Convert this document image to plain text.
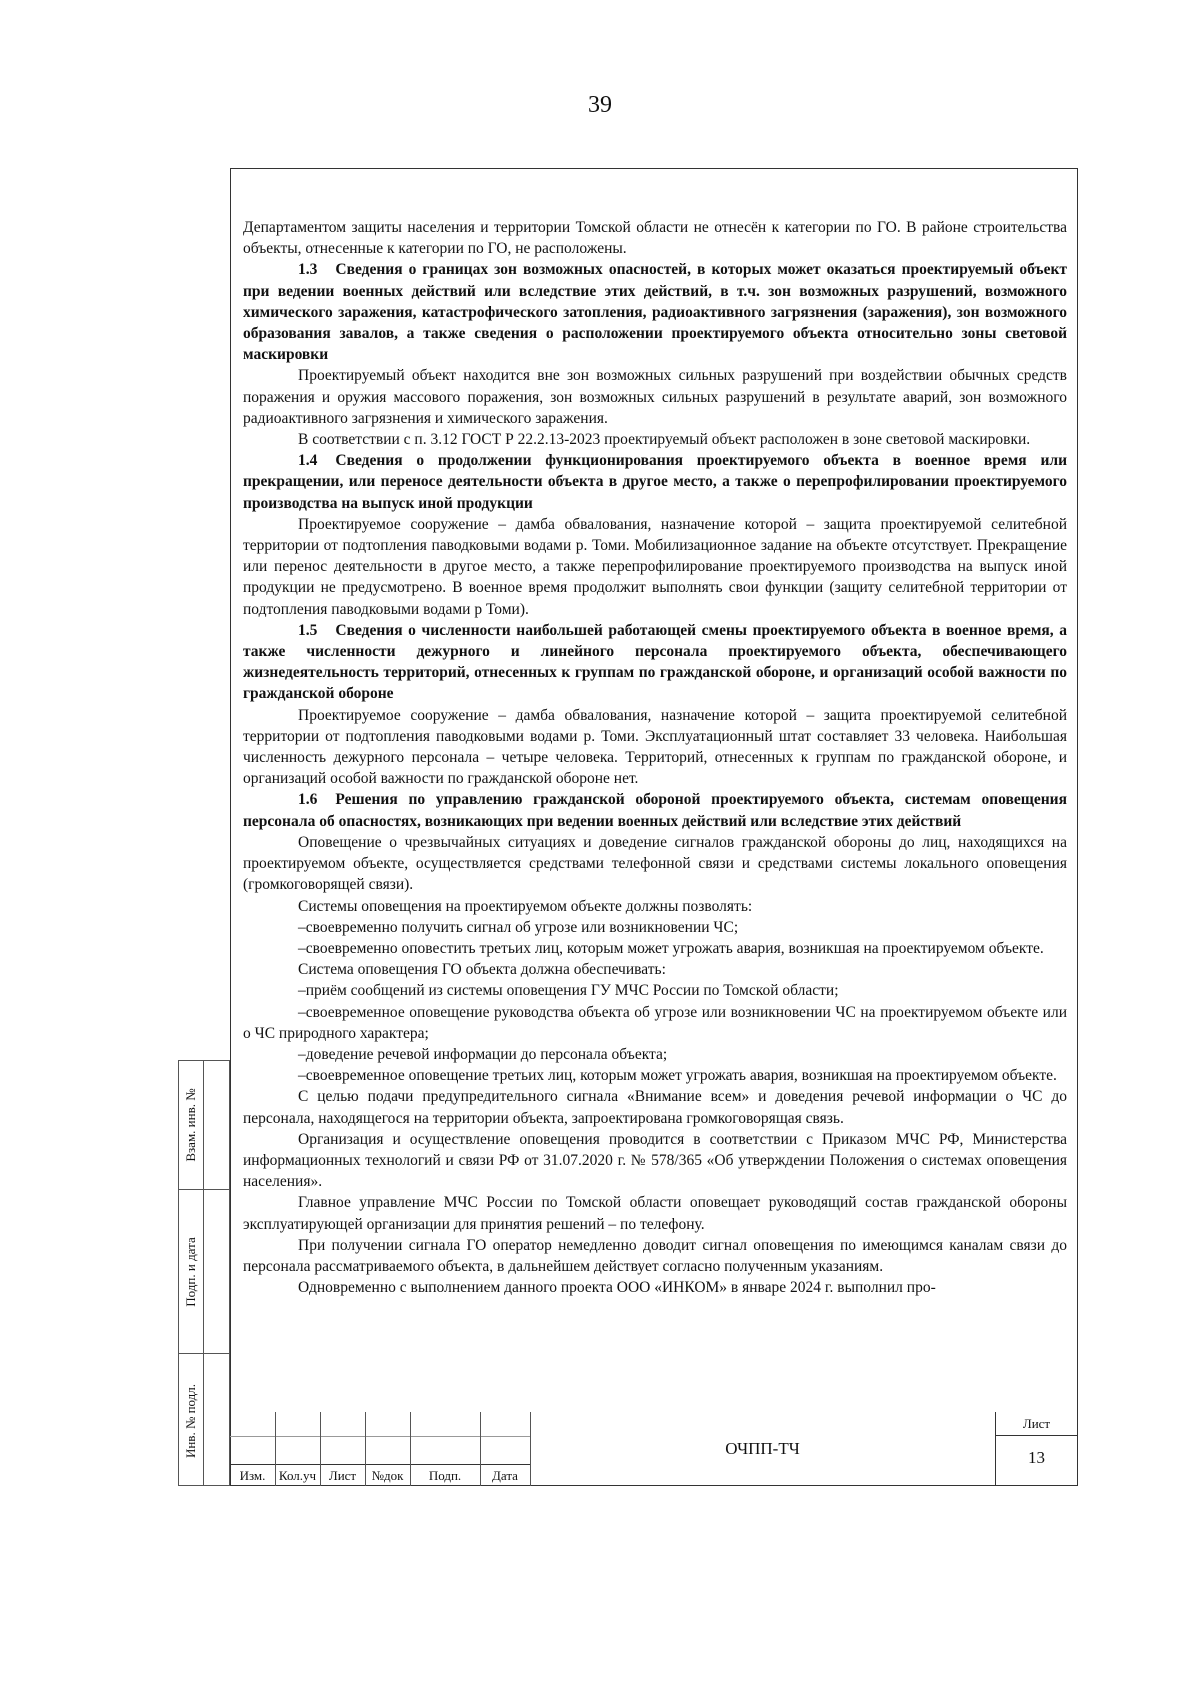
39

Департаментом защиты населения и территории Томской области не отнесён к категории по ГО. В районе строительства объекты, отнесенные к категории по ГО, не расположены.

1.3 Сведения о границах зон возможных опасностей, в которых может оказаться проектируемый объект при ведении военных действий или вследствие этих действий, в т.ч. зон возможных разрушений, возможного химического заражения, катастрофического затопления, радиоактивного загрязнения (заражения), зон возможного образования завалов, а также сведения о расположении проектируемого объекта относительно зоны световой маскировки

Проектируемый объект находится вне зон возможных сильных разрушений при воздействии обычных средств поражения и оружия массового поражения, зон возможных сильных разрушений в результате аварий, зон возможного радиоактивного загрязнения и химического заражения.

В соответствии с п. 3.12 ГОСТ Р 22.2.13-2023 проектируемый объект расположен в зоне световой маскировки.

1.4 Сведения о продолжении функционирования проектируемого объекта в военное время или прекращении, или переносе деятельности объекта в другое место, а также о перепрофилировании проектируемого производства на выпуск иной продукции

Проектируемое сооружение – дамба обвалования, назначение которой – защита проектируемой селитебной территории от подтопления паводковыми водами р. Томи. Мобилизационное задание на объекте отсутствует. Прекращение или перенос деятельности в другое место, а также перепрофилирование проектируемого производства на выпуск иной продукции не предусмотрено. В военное время продолжит выполнять свои функции (защиту селитебной территории от подтопления паводковыми водами р Томи).

1.5 Сведения о численности наибольшей работающей смены проектируемого объекта в военное время, а также численности дежурного и линейного персонала проектируемого объекта, обеспечивающего жизнедеятельность территорий, отнесенных к группам по гражданской обороне, и организаций особой важности по гражданской обороне

Проектируемое сооружение – дамба обвалования, назначение которой – защита проектируемой селитебной территории от подтопления паводковыми водами р. Томи. Эксплуатационный штат составляет 33 человека. Наибольшая численность дежурного персонала – четыре человека. Территорий, отнесенных к группам по гражданской обороне, и организаций особой важности по гражданской обороне нет.

1.6 Решения по управлению гражданской обороной проектируемого объекта, системам оповещения персонала об опасностях, возникающих при ведении военных действий или вследствие этих действий

Оповещение о чрезвычайных ситуациях и доведение сигналов гражданской обороны до лиц, находящихся на проектируемом объекте, осуществляется средствами телефонной связи и средствами системы локального оповещения (громкоговорящей связи).

Системы оповещения на проектируемом объекте должны позволять:

–своевременно получить сигнал об угрозе или возникновении ЧС;

–своевременно оповестить третьих лиц, которым может угрожать авария, возникшая на проектируемом объекте.

Система оповещения ГО объекта должна обеспечивать:

–приём сообщений из системы оповещения ГУ МЧС России по Томской области;

–своевременное оповещение руководства объекта об угрозе или возникновении ЧС на проектируемом объекте или о ЧС природного характера;

–доведение речевой информации до персонала объекта;

–своевременное оповещение третьих лиц, которым может угрожать авария, возникшая на проектируемом объекте.

С целью подачи предупредительного сигнала «Внимание всем» и доведения речевой информации о ЧС до персонала, находящегося на территории объекта, запроектирована громкоговорящая связь.

Организация и осуществление оповещения проводится в соответствии с Приказом МЧС РФ, Министерства информационных технологий и связи РФ от 31.07.2020 г. № 578/365 «Об утверждении Положения о системах оповещения населения».

Главное управление МЧС России по Томской области оповещает руководящий состав гражданской обороны эксплуатирующей организации для принятия решений – по телефону.

При получении сигнала ГО оператор немедленно доводит сигнал оповещения по имеющимся каналам связи до персонала рассматриваемого объекта, в дальнейшем действует согласно полученным указаниям.

Одновременно с выполнением данного проекта ООО «ИНКОМ» в январе 2024 г. выполнил про-

Взам. инв. №
Подп. и дата
Инв. № подл.
Изм.	Кол.уч Лист	№док	Подп.	Дата
ОЧПП-ТЧ
Лист
13
